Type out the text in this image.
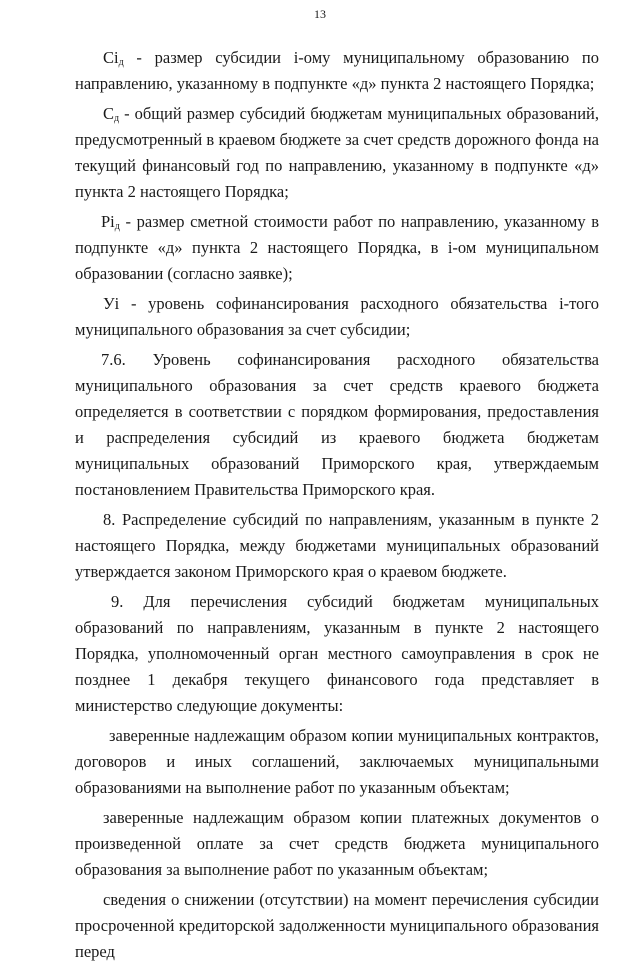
13

$Ci_д$ - размер субсидии i-ому муниципальному образованию по направлению, указанному в подпункте «д» пункта 2 настоящего Порядка;

$C_д$ - общий размер субсидий бюджетам муниципальных образований, предусмотренный в краевом бюджете за счет средств дорожного фонда на текущий финансовый год по направлению, указанному в подпункте «д» пункта 2 настоящего Порядка;

$Pi_д$ - размер сметной стоимости работ по направлению, указанному в подпункте «д» пункта 2 настоящего Порядка, в i-ом муниципальном образовании (согласно заявке);

Уi - уровень софинансирования расходного обязательства i-того муниципального образования за счет субсидии;

7.6. Уровень софинансирования расходного обязательства муниципального образования за счет средств краевого бюджета определяется в соответствии с порядком формирования, предоставления и распределения субсидий из краевого бюджета бюджетам муниципальных образований Приморского края, утверждаемым постановлением Правительства Приморского края.

8. Распределение субсидий по направлениям, указанным в пункте 2 настоящего Порядка, между бюджетами муниципальных образований утверждается законом Приморского края о краевом бюджете.

9. Для перечисления субсидий бюджетам муниципальных образований по направлениям, указанным в пункте 2 настоящего Порядка, уполномоченный орган местного самоуправления в срок не позднее 1 декабря текущего финансового года представляет в министерство следующие документы:

заверенные надлежащим образом копии муниципальных контрактов, договоров и иных соглашений, заключаемых муниципальными образованиями на выполнение работ по указанным объектам;

заверенные надлежащим образом копии платежных документов о произведенной оплате за счет средств бюджета муниципального образования за выполнение работ по указанным объектам;

сведения о снижении (отсутствии) на момент перечисления субсидии просроченной кредиторской задолженности муниципального образования перед
